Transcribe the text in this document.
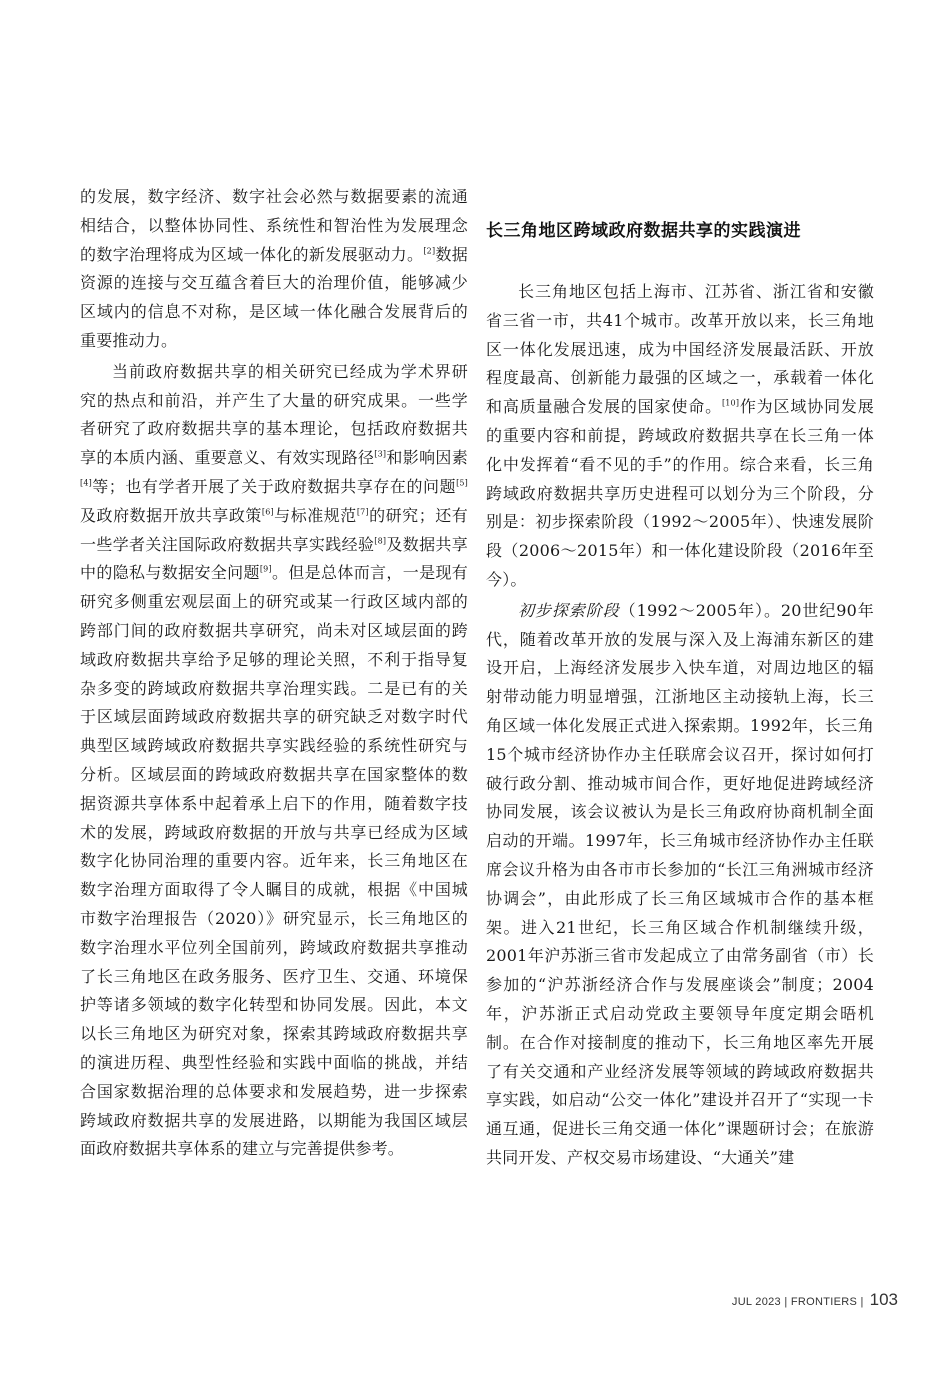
的发展，数字经济、数字社会必然与数据要素的流通相结合，以整体协同性、系统性和智治性为发展理念的数字治理将成为区域一体化的新发展驱动力。[2]数据资源的连接与交互蕴含着巨大的治理价值，能够减少区域内的信息不对称，是区域一体化融合发展背后的重要推动力。

当前政府数据共享的相关研究已经成为学术界研究的热点和前沿，并产生了大量的研究成果。一些学者研究了政府数据共享的基本理论，包括政府数据共享的本质内涵、重要意义、有效实现路径[3]和影响因素[4]等；也有学者开展了关于政府数据共享存在的问题[5]及政府数据开放共享政策[6]与标准规范[7]的研究；还有一些学者关注国际政府数据共享实践经验[8]及数据共享中的隐私与数据安全问题[9]。但是总体而言，一是现有研究多侧重宏观层面上的研究或某一行政区域内部的跨部门间的政府数据共享研究，尚未对区域层面的跨域政府数据共享给予足够的理论关照，不利于指导复杂多变的跨域政府数据共享治理实践。二是已有的关于区域层面跨域政府数据共享的研究缺乏对数字时代典型区域跨域政府数据共享实践经验的系统性研究与分析。区域层面的跨域政府数据共享在国家整体的数据资源共享体系中起着承上启下的作用，随着数字技术的发展，跨域政府数据的开放与共享已经成为区域数字化协同治理的重要内容。近年来，长三角地区在数字治理方面取得了令人瞩目的成就，根据《中国城市数字治理报告（2020）》研究显示，长三角地区的数字治理水平位列全国前列，跨域政府数据共享推动了长三角地区在政务服务、医疗卫生、交通、环境保护等诸多领域的数字化转型和协同发展。因此，本文以长三角地区为研究对象，探索其跨域政府数据共享的演进历程、典型性经验和实践中面临的挑战，并结合国家数据治理的总体要求和发展趋势，进一步探索跨域政府数据共享的发展进路，以期能为我国区域层面政府数据共享体系的建立与完善提供参考。

长三角地区跨域政府数据共享的实践演进

长三角地区包括上海市、江苏省、浙江省和安徽省三省一市，共41个城市。改革开放以来，长三角地区一体化发展迅速，成为中国经济发展最活跃、开放程度最高、创新能力最强的区域之一，承载着一体化和高质量融合发展的国家使命。[10]作为区域协同发展的重要内容和前提，跨域政府数据共享在长三角一体化中发挥着“看不见的手”的作用。综合来看，长三角跨域政府数据共享历史进程可以划分为三个阶段，分别是：初步探索阶段（1992～2005年）、快速发展阶段（2006～2015年）和一体化建设阶段（2016年至今）。

初步探索阶段（1992～2005年）。20世纪90年代，随着改革开放的发展与深入及上海浦东新区的建设开启，上海经济发展步入快车道，对周边地区的辐射带动能力明显增强，江浙地区主动接轨上海，长三角区域一体化发展正式进入探索期。1992年，长三角15个城市经济协作办主任联席会议召开，探讨如何打破行政分割、推动城市间合作，更好地促进跨域经济协同发展，该会议被认为是长三角政府协商机制全面启动的开端。1997年，长三角城市经济协作办主任联席会议升格为由各市市长参加的“长江三角洲城市经济协调会”，由此形成了长三角区域城市合作的基本框架。进入21世纪，长三角区域合作机制继续升级，2001年沪苏浙三省市发起成立了由常务副省（市）长参加的“沪苏浙经济合作与发展座谈会”制度；2004年，沪苏浙正式启动党政主要领导年度定期会晤机制。在合作对接制度的推动下，长三角地区率先开展了有关交通和产业经济发展等领域的跨域政府数据共享实践，如启动“公交一体化”建设并召开了“实现一卡通互通，促进长三角交通一体化”课题研讨会；在旅游共同开发、产权交易市场建设、“大通关”建

JUL 2023 | FRONTIERS | 103
